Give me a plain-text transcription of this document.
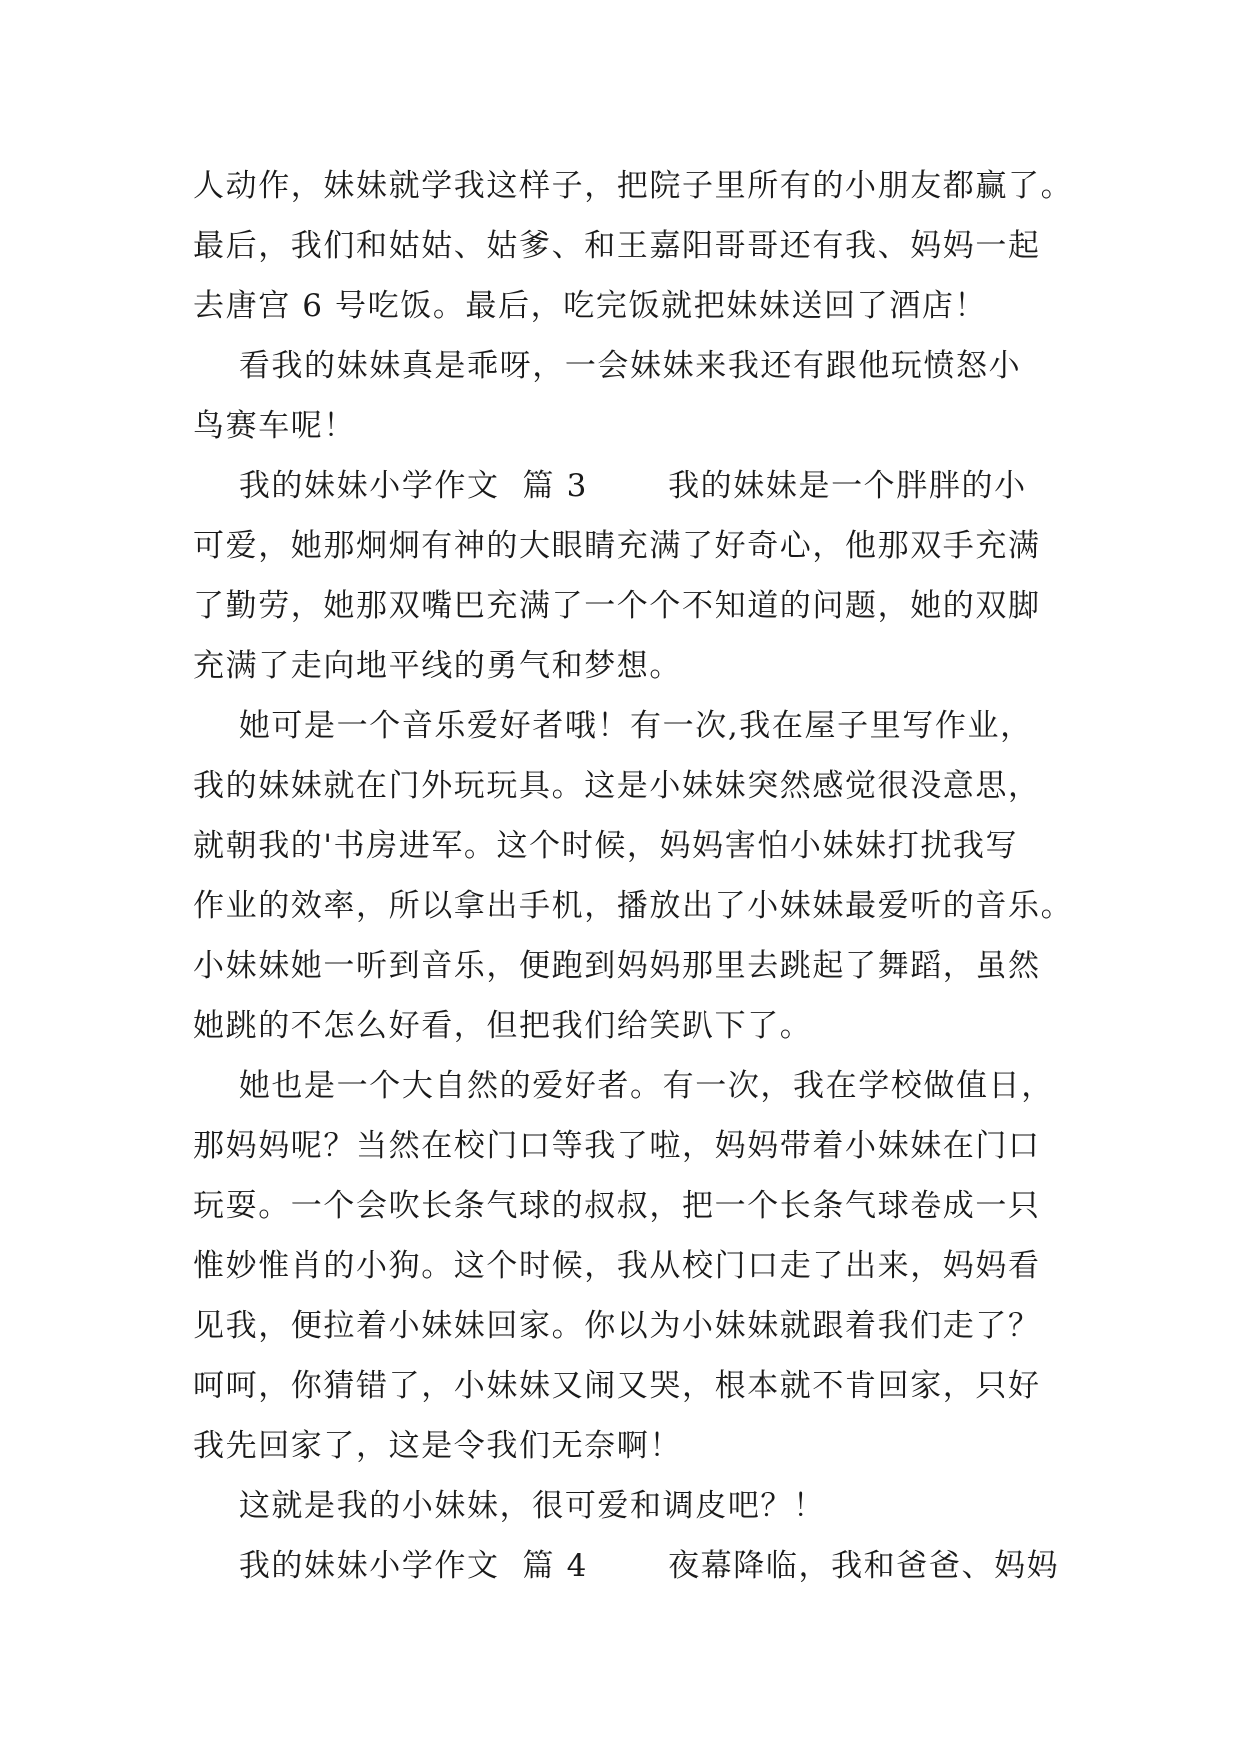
人动作，妹妹就学我这样子，把院子里所有的小朋友都赢了。
最后，我们和姑姑、姑爹、和王嘉阳哥哥还有我、妈妈一起
去唐宫 6 号吃饭。最后，吃完饭就把妹妹送回了酒店！
看我的妹妹真是乖呀，一会妹妹来我还有跟他玩愤怒小
鸟赛车呢！
我的妹妹小学作文  篇 3       我的妹妹是一个胖胖的小
可爱，她那炯炯有神的大眼睛充满了好奇心，他那双手充满
了勤劳，她那双嘴巴充满了一个个不知道的问题，她的双脚
充满了走向地平线的勇气和梦想。
她可是一个音乐爱好者哦！有一次,我在屋子里写作业，
我的妹妹就在门外玩玩具。这是小妹妹突然感觉很没意思，
就朝我的'书房进军。这个时候，妈妈害怕小妹妹打扰我写
作业的效率，所以拿出手机，播放出了小妹妹最爱听的音乐。
小妹妹她一听到音乐，便跑到妈妈那里去跳起了舞蹈，虽然
她跳的不怎么好看，但把我们给笑趴下了。
她也是一个大自然的爱好者。有一次，我在学校做值日，
那妈妈呢？当然在校门口等我了啦，妈妈带着小妹妹在门口
玩耍。一个会吹长条气球的叔叔，把一个长条气球卷成一只
惟妙惟肖的小狗。这个时候，我从校门口走了出来，妈妈看
见我，便拉着小妹妹回家。你以为小妹妹就跟着我们走了？
呵呵，你猜错了，小妹妹又闹又哭，根本就不肯回家，只好
我先回家了，这是令我们无奈啊！
这就是我的小妹妹，很可爱和调皮吧？！
我的妹妹小学作文  篇 4       夜幕降临，我和爸爸、妈妈
